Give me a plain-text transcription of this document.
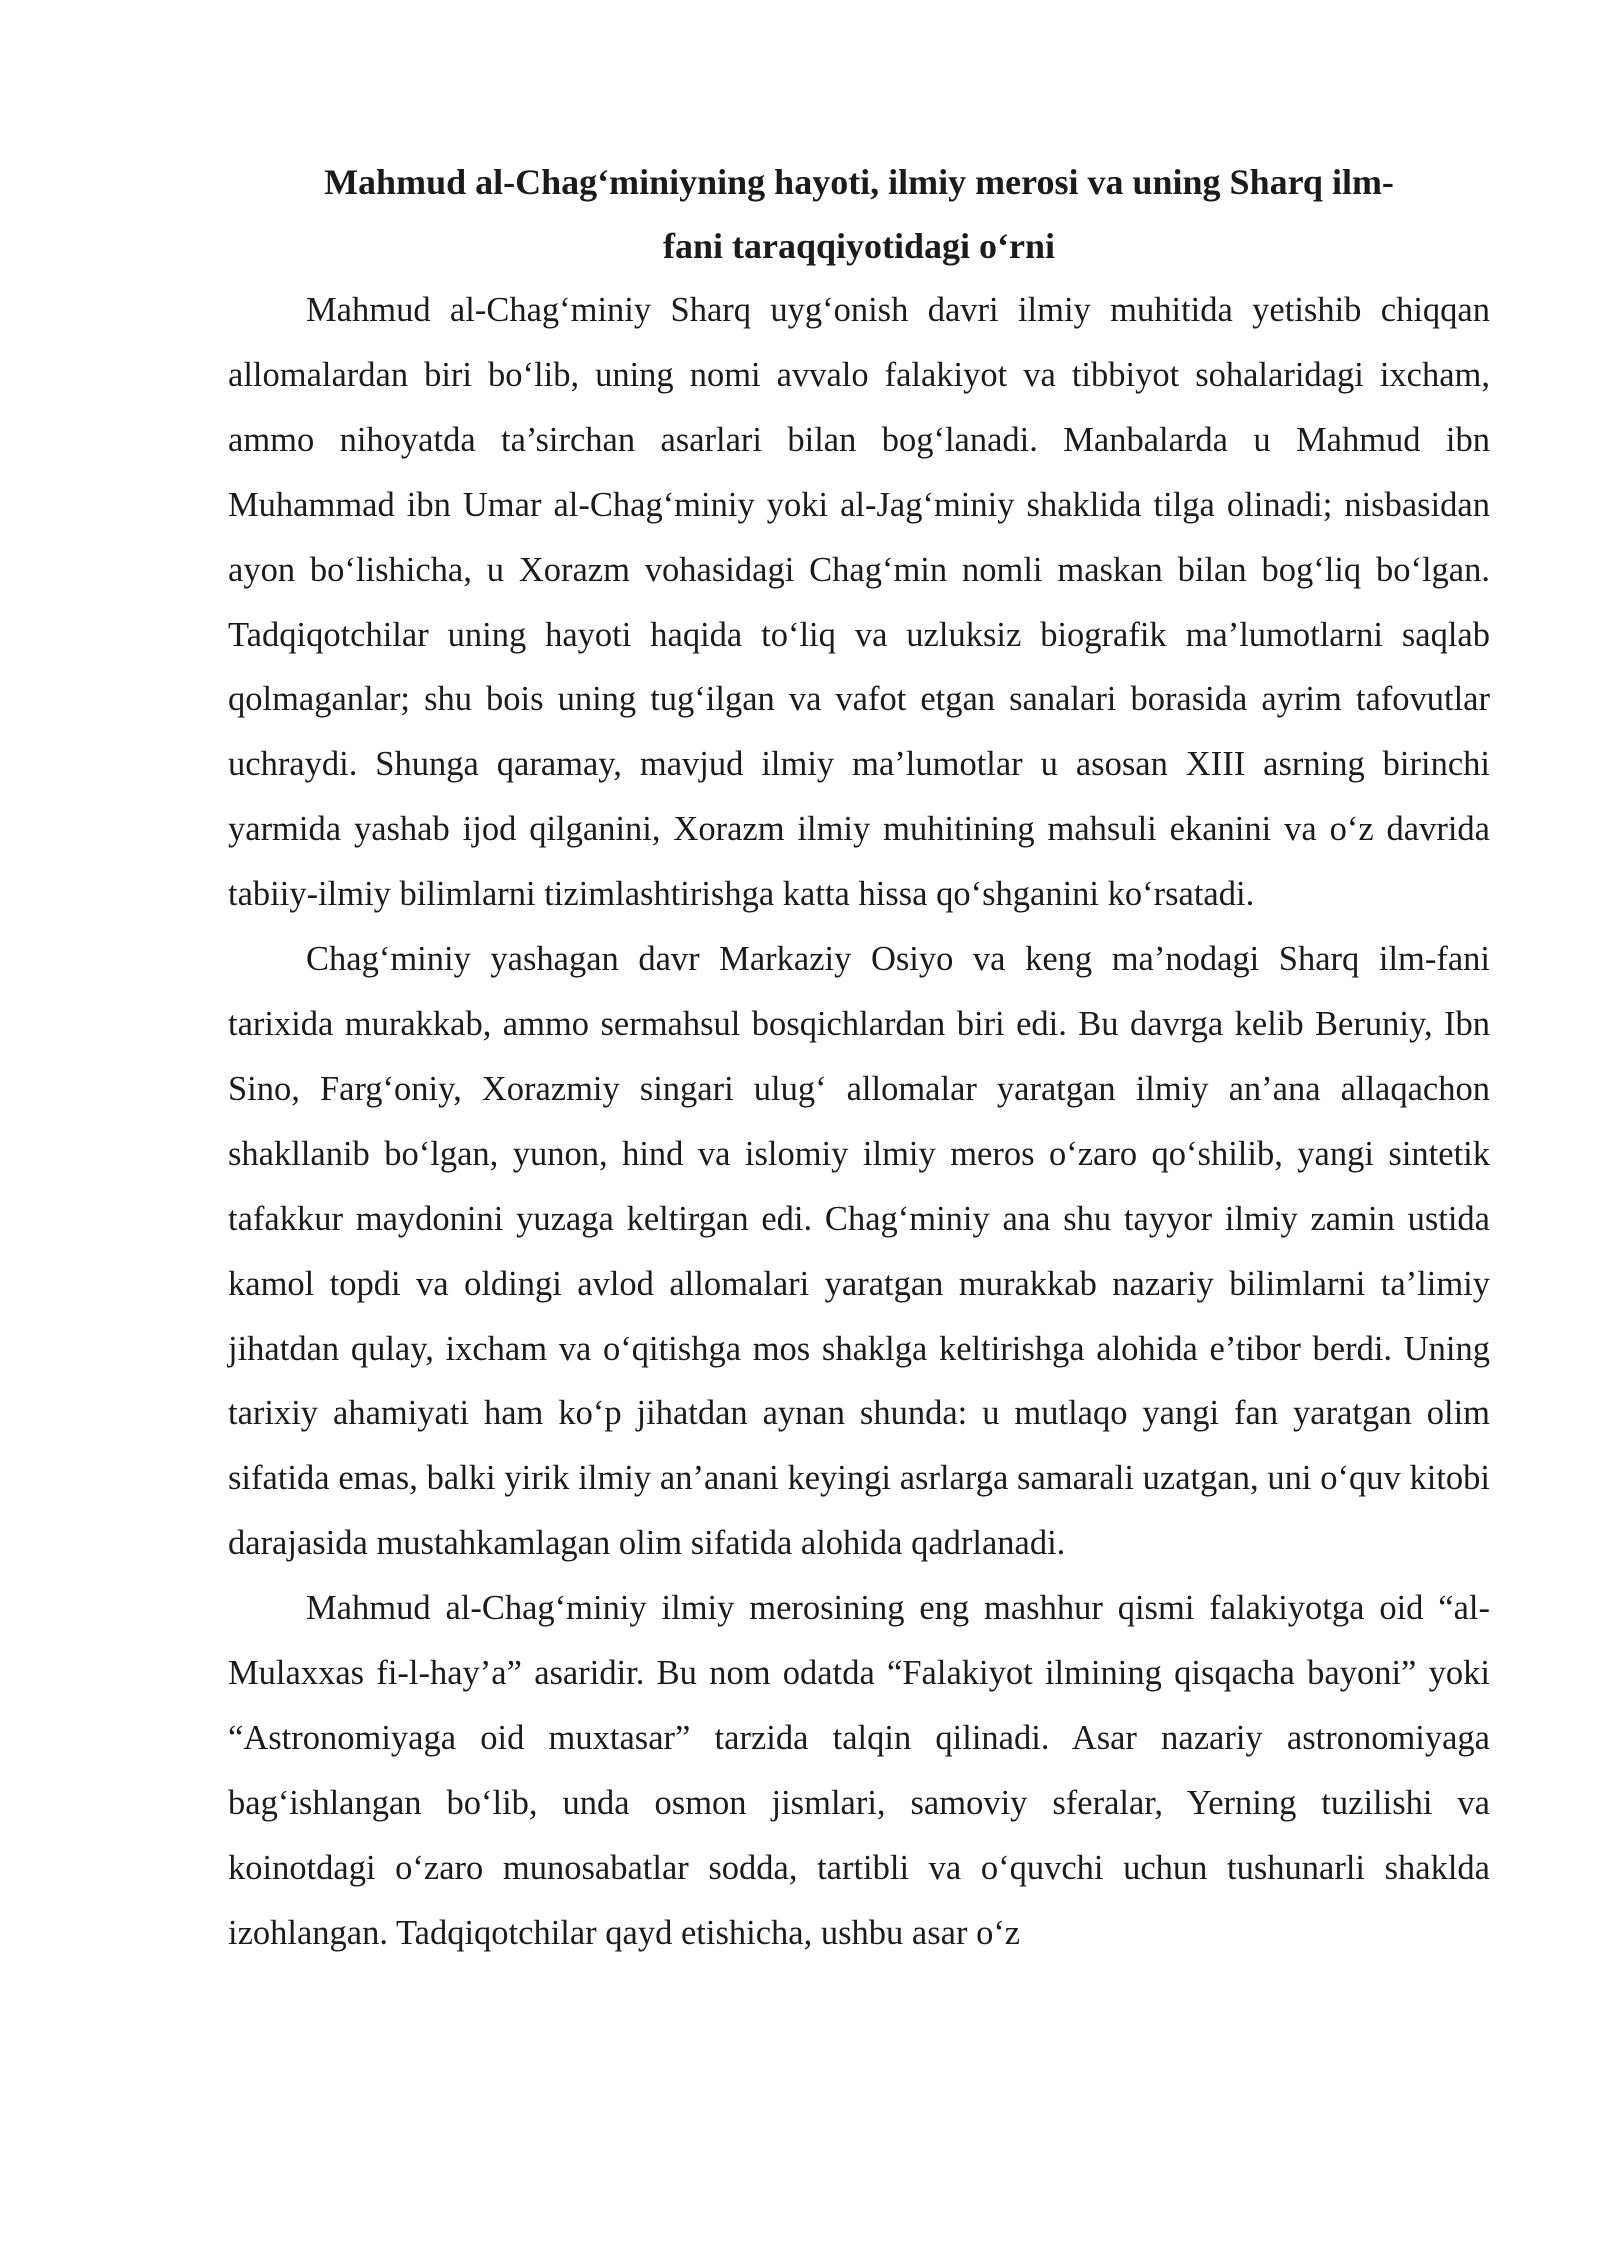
Mahmud al-Chag‘miniyning hayoti, ilmiy merosi va uning Sharq ilm-
fani taraqqiyotidagi o‘rni

Mahmud al-Chag‘miniy Sharq uyg‘onish davri ilmiy muhitida yetishib chiqqan allomalardan biri bo‘lib, uning nomi avvalo falakiyot va tibbiyot sohalaridagi ixcham, ammo nihoyatda ta’sirchan asarlari bilan bog‘lanadi. Manbalarda u Mahmud ibn Muhammad ibn Umar al-Chag‘miniy yoki al-Jag‘miniy shaklida tilga olinadi; nisbasidan ayon bo‘lishicha, u Xorazm vohasidagi Chag‘min nomli maskan bilan bog‘liq bo‘lgan. Tadqiqotchilar uning hayoti haqida to‘liq va uzluksiz biografik ma’lumotlarni saqlab qolmaganlar; shu bois uning tug‘ilgan va vafot etgan sanalari borasida ayrim tafovutlar uchraydi. Shunga qaramay, mavjud ilmiy ma’lumotlar u asosan XIII asrning birinchi yarmida yashab ijod qilganini, Xorazm ilmiy muhitining mahsuli ekanini va o‘z davrida tabiiy-ilmiy bilimlarni tizimlashtirishga katta hissa qo‘shganini ko‘rsatadi.

Chag‘miniy yashagan davr Markaziy Osiyo va keng ma’nodagi Sharq ilm-fani tarixida murakkab, ammo sermahsul bosqichlardan biri edi. Bu davrga kelib Beruniy, Ibn Sino, Farg‘oniy, Xorazmiy singari ulug‘ allomalar yaratgan ilmiy an’ana allaqachon shakllanib bo‘lgan, yunon, hind va islomiy ilmiy meros o‘zaro qo‘shilib, yangi sintetik tafakkur maydonini yuzaga keltirgan edi. Chag‘miniy ana shu tayyor ilmiy zamin ustida kamol topdi va oldingi avlod allomalari yaratgan murakkab nazariy bilimlarni ta’limiy jihatdan qulay, ixcham va o‘qitishga mos shaklga keltirishga alohida e’tibor berdi. Uning tarixiy ahamiyati ham ko‘p jihatdan aynan shunda: u mutlaqo yangi fan yaratgan olim sifatida emas, balki yirik ilmiy an’anani keyingi asrlarga samarali uzatgan, uni o‘quv kitobi darajasida mustahkamlagan olim sifatida alohida qadrlanadi.

Mahmud al-Chag‘miniy ilmiy merosining eng mashhur qismi falakiyotga oid “al-Mulaxxas fi-l-hay’a” asaridir. Bu nom odatda “Falakiyot ilmining qisqacha bayoni” yoki “Astronomiyaga oid muxtasar” tarzida talqin qilinadi. Asar nazariy astronomiyaga bag‘ishlangan bo‘lib, unda osmon jismlari, samoviy sferalar, Yerning tuzilishi va koinotdagi o‘zaro munosabatlar sodda, tartibli va o‘quvchi uchun tushunarli shaklda izohlangan. Tadqiqotchilar qayd etishicha, ushbu asar o‘z
